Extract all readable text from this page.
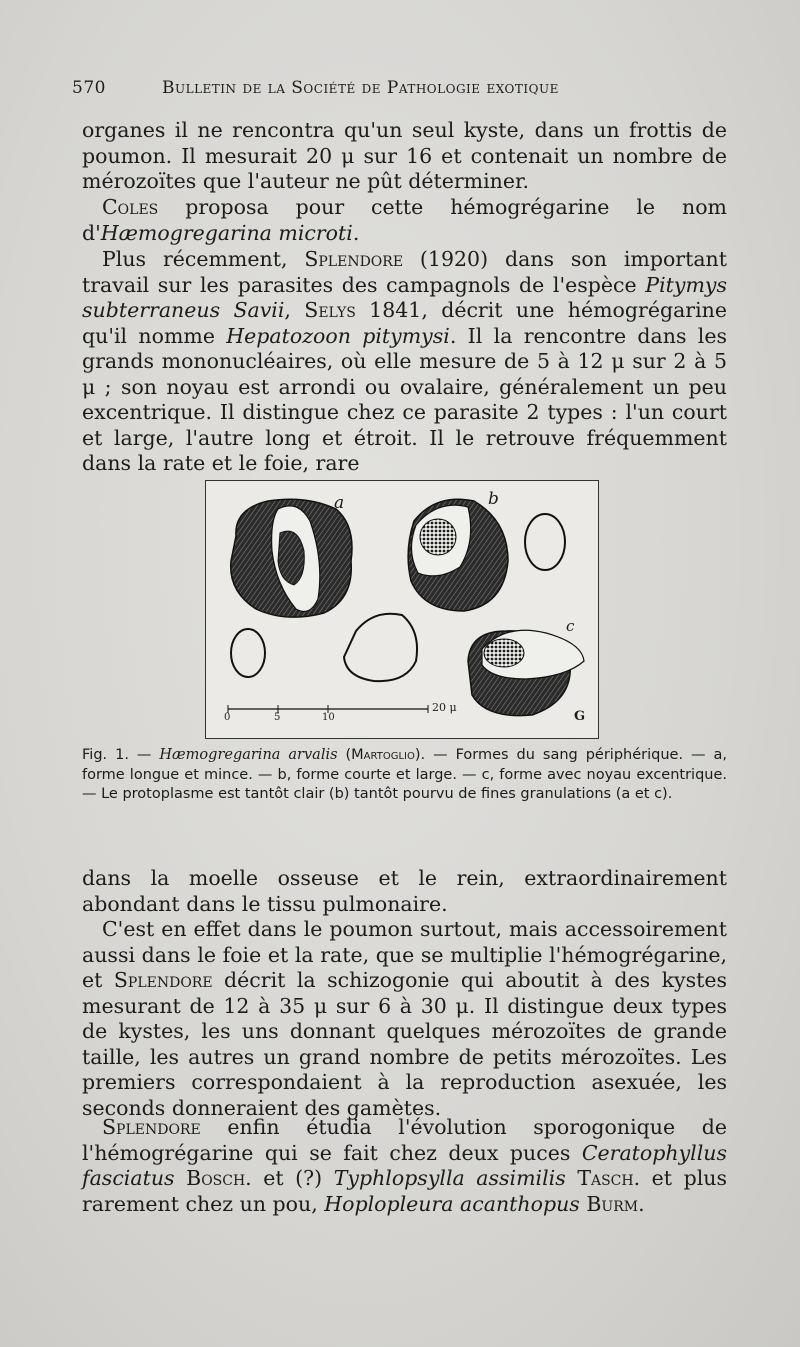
570	Bulletin de la Société de Pathologie exotique

organes il ne rencontra qu'un seul kyste, dans un frottis de poumon. Il mesurait 20 μ sur 16 et contenait un nombre de mérozoïtes que l'auteur ne pût déterminer.

Coles proposa pour cette hémogrégarine le nom d'Hæmogregarina microti.

Plus récemment, Splendore (1920) dans son important travail sur les parasites des campagnols de l'espèce Pitymys subterraneus Savii, Selys 1841, décrit une hémogrégarine qu'il nomme Hepatozoon pitymysi. Il la rencontre dans les grands mononucléaires, où elle mesure de 5 à 12 μ sur 2 à 5 μ ; son noyau est arrondi ou ovalaire, généralement un peu excentrique. Il distingue chez ce parasite 2 types : l'un court et large, l'autre long et étroit. Il le retrouve fréquemment dans la rate et le foie, rare

a	b
c
0	5	10
20 μ
G
Fig. 1. — Hæmogregarina arvalis (Martoglio). — Formes du sang périphérique. — a, forme longue et mince. — b, forme courte et large. — c, forme avec noyau excentrique. — Le protoplasme est tantôt clair (b) tantôt pourvu de fines granulations (a et c).

dans la moelle osseuse et le rein, extraordinairement abondant dans le tissu pulmonaire.

C'est en effet dans le poumon surtout, mais accessoirement aussi dans le foie et la rate, que se multiplie l'hémogrégarine, et Splendore décrit la schizogonie qui aboutit à des kystes mesurant de 12 à 35 μ sur 6 à 30 μ. Il distingue deux types de kystes, les uns donnant quelques mérozoïtes de grande taille, les autres un grand nombre de petits mérozoïtes. Les premiers correspondaient à la reproduction asexuée, les seconds donneraient des gamètes.

Splendore enfin étudia l'évolution sporogonique de l'hémogrégarine qui se fait chez deux puces Ceratophyllus fasciatus Bosch. et (?) Typhlopsylla assimilis Tasch. et plus rarement chez un pou, Hoplopleura acanthopus Burm.
